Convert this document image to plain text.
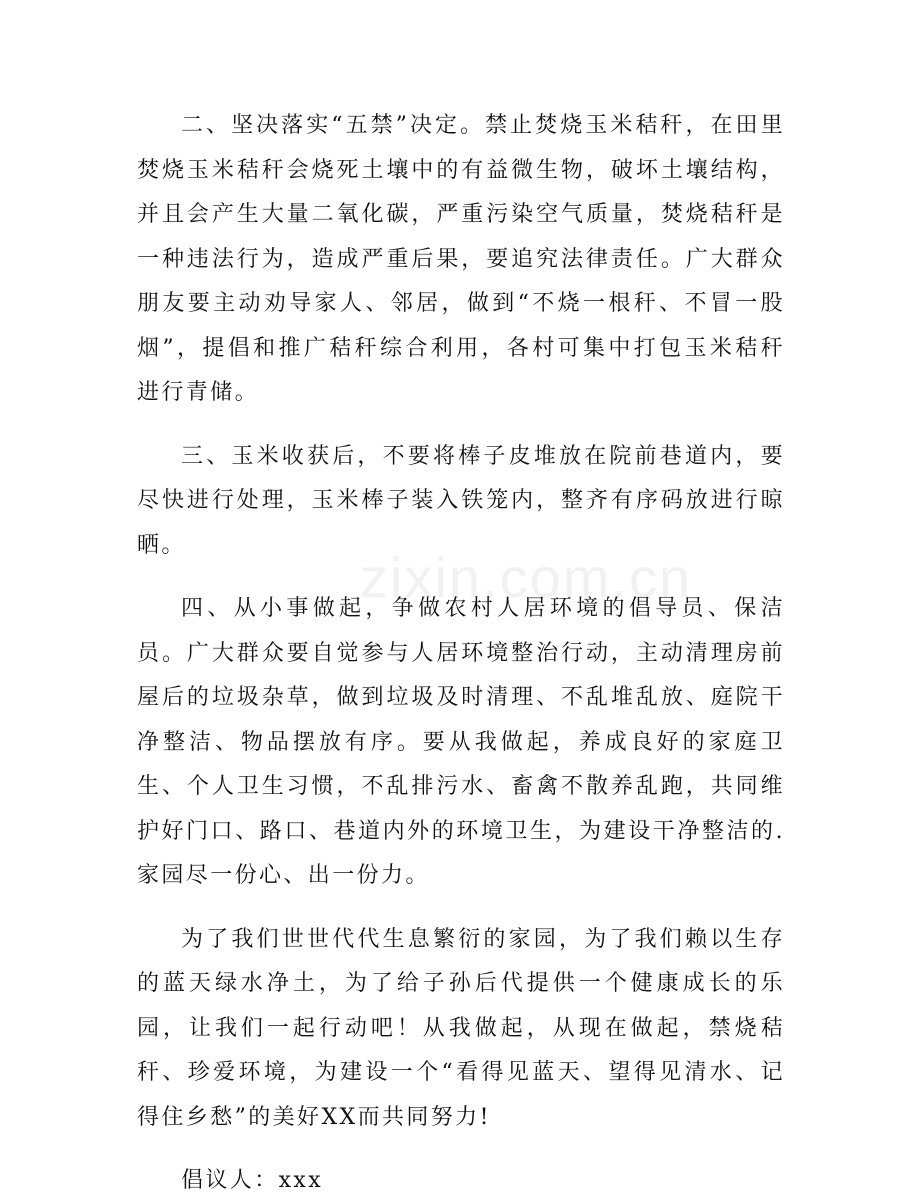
二、坚决落实“五禁”决定。禁止焚烧玉米秸秆，在田里焚烧玉米秸秆会烧死土壤中的有益微生物，破坏土壤结构，并且会产生大量二氧化碳，严重污染空气质量，焚烧秸秆是一种违法行为，造成严重后果，要追究法律责任。广大群众朋友要主动劝导家人、邻居，做到“不烧一根秆、不冒一股烟”，提倡和推广秸秆综合利用，各村可集中打包玉米秸秆进行青储。

三、玉米收获后，不要将棒子皮堆放在院前巷道内，要尽快进行处理，玉米棒子装入铁笼内，整齐有序码放进行晾晒。

四、从小事做起，争做农村人居环境的倡导员、保洁员。广大群众要自觉参与人居环境整治行动，主动清理房前屋后的垃圾杂草，做到垃圾及时清理、不乱堆乱放、庭院干净整洁、物品摆放有序。要从我做起，养成良好的家庭卫生、个人卫生习惯，不乱排污水、畜禽不散养乱跑，共同维护好门口、路口、巷道内外的环境卫生，为建设干净整洁的.家园尽一份心、出一份力。

为了我们世世代代生息繁衍的家园，为了我们赖以生存的蓝天绿水净土，为了给子孙后代提供一个健康成长的乐园，让我们一起行动吧！从我做起，从现在做起，禁烧秸秆、珍爱环境，为建设一个“看得见蓝天、望得见清水、记得住乡愁”的美好XX而共同努力!

倡议人：xxx

zixin.com.cn
